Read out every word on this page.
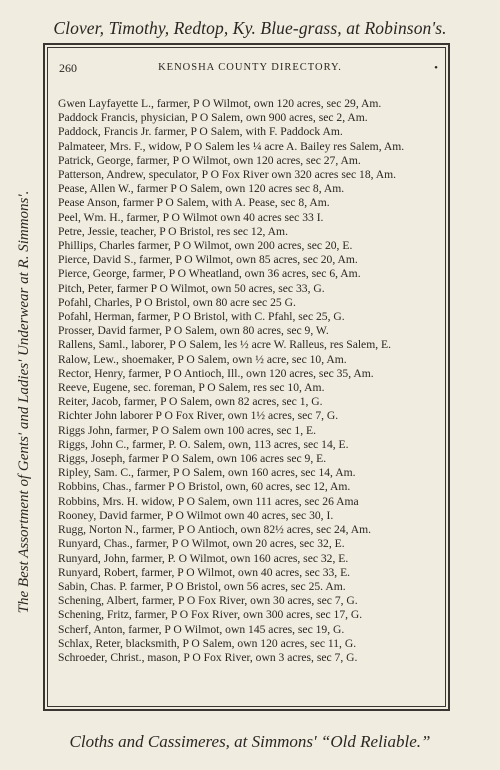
Clover, Timothy, Redtop, Ky. Blue-grass, at Robinson's.
The Best Assortment of Gents' and Ladies' Underwear at R. Simmons'.
260	KENOSHA COUNTY DIRECTORY.	•

Gwen Layfayette L., farmer, P O Wilmot, own 120 acres, sec 29, Am.

Paddock Francis, physician, P O Salem, own 900 acres, sec 2, Am.

Paddock, Francis Jr. farmer, P O Salem, with F. Paddock Am.

Palmateer, Mrs. F., widow, P O Salem les ¼ acre A. Bailey res Salem, Am.

Patrick, George, farmer, P O Wilmot, own 120 acres, sec 27, Am.

Patterson, Andrew, speculator, P O Fox River own 320 acres sec 18, Am.

Pease, Allen W., farmer P O Salem, own 120 acres sec 8, Am.

Pease Anson, farmer P O Salem, with A. Pease, sec 8, Am.

Peel, Wm. H., farmer, P O Wilmot own 40 acres sec 33 I.

Petre, Jessie, teacher, P O Bristol, res sec 12, Am.

Phillips, Charles farmer, P O Wilmot, own 200 acres, sec 20, E.

Pierce, David S., farmer, P O Wilmot, own 85 acres, sec 20, Am.

Pierce, George, farmer, P O Wheatland, own 36 acres, sec 6, Am.

Pitch, Peter, farmer P O Wilmot, own 50 acres, sec 33, G.

Pofahl, Charles, P O Bristol, own 80 acre sec 25 G.

Pofahl, Herman, farmer, P O Bristol, with C. Pfahl, sec 25, G.

Prosser, David farmer, P O Salem, own 80 acres, sec 9, W.

Rallens, Saml., laborer, P O Salem, les ½ acre W. Ralleus, res Salem, E.

Ralow, Lew., shoemaker, P O Salem, own ½ acre, sec 10, Am.

Rector, Henry, farmer, P O Antioch, Ill., own 120 acres, sec 35, Am.

Reeve, Eugene, sec. foreman, P O Salem, res sec 10, Am.

Reiter, Jacob, farmer, P O Salem, own 82 acres, sec 1, G.

Richter John laborer P O Fox River, own 1½ acres, sec 7, G.

Riggs John, farmer, P O Salem own 100 acres, sec 1, E.

Riggs, John C., farmer, P. O. Salem, own, 113 acres, sec 14, E.

Riggs, Joseph, farmer P O Salem, own 106 acres sec 9, E.

Ripley, Sam. C., farmer, P O Salem, own 160 acres, sec 14, Am.

Robbins, Chas., farmer P O Bristol, own, 60 acres, sec 12, Am.

Robbins, Mrs. H. widow, P O Salem, own 111 acres, sec 26 Ama

Rooney, David farmer, P O Wilmot own 40 acres, sec 30, I.

Rugg, Norton N., farmer, P O Antioch, own 82½ acres, sec 24, Am.

Runyard, Chas., farmer, P O Wilmot, own 20 acres, sec 32, E.

Runyard, John, farmer, P. O Wilmot, own 160 acres, sec 32, E.

Runyard, Robert, farmer, P O Wilmot, own 40 acres, sec 33, E.

Sabin, Chas. P. farmer, P O Bristol, own 56 acres, sec 25. Am.

Schening, Albert, farmer, P O Fox River, own 30 acres, sec 7, G.

Schening, Fritz, farmer, P O Fox River, own 300 acres, sec 17, G.

Scherf, Anton, farmer, P O Wilmot, own 145 acres, sec 19, G.

Schlax, Reter, blacksmith, P O Salem, own 120 acres, sec 11, G.

Schroeder, Christ., mason, P O Fox River, own 3 acres, sec 7, G.

Cloths and Cassimeres, at Simmons' “Old Reliable.”
